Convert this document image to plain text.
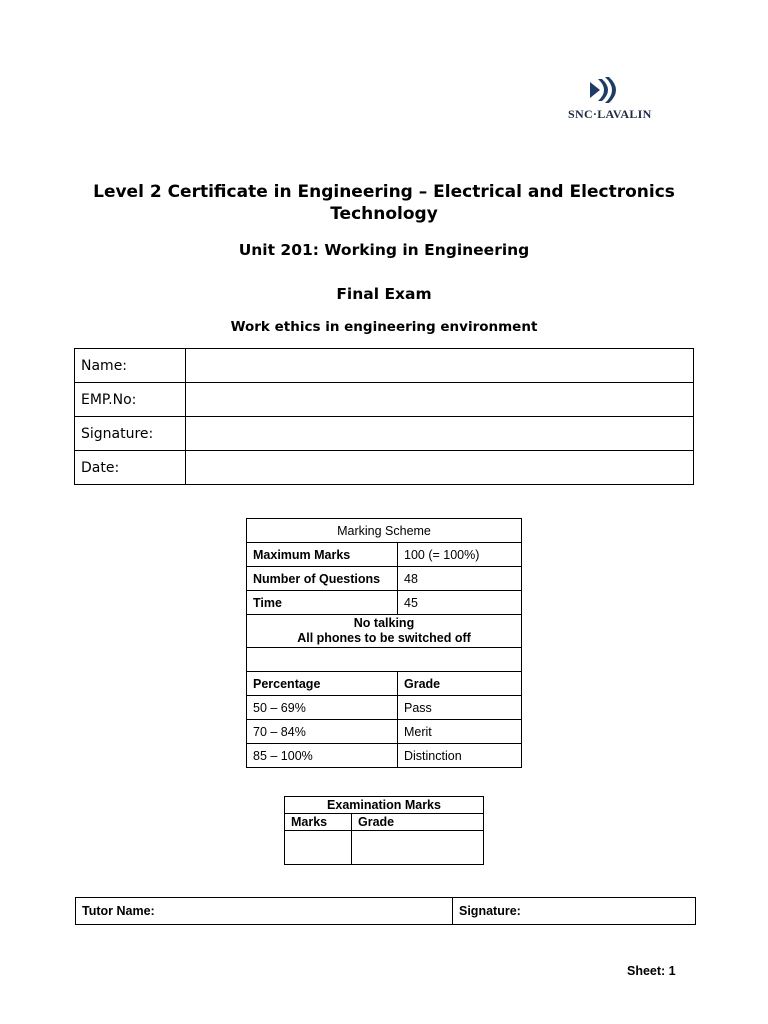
SNC·LAVALIN
Level 2 Certificate in Engineering – Electrical and Electronics Technology
Unit 201: Working in Engineering
Final Exam
Work ethics in engineering environment
Name:	
EMP.No:	
Signature:	
Date:	
Marking Scheme	
Maximum Marks	100 (= 100%)
Number of Questions	48
Time	45

No talking
All phones to be switched off	

Percentage	Grade
50 – 69%	Pass
70 – 84%	Merit
85 – 100%	Distinction
Examination Marks	
Marks	Grade

Tutor Name:	Signature:
Sheet: 1
